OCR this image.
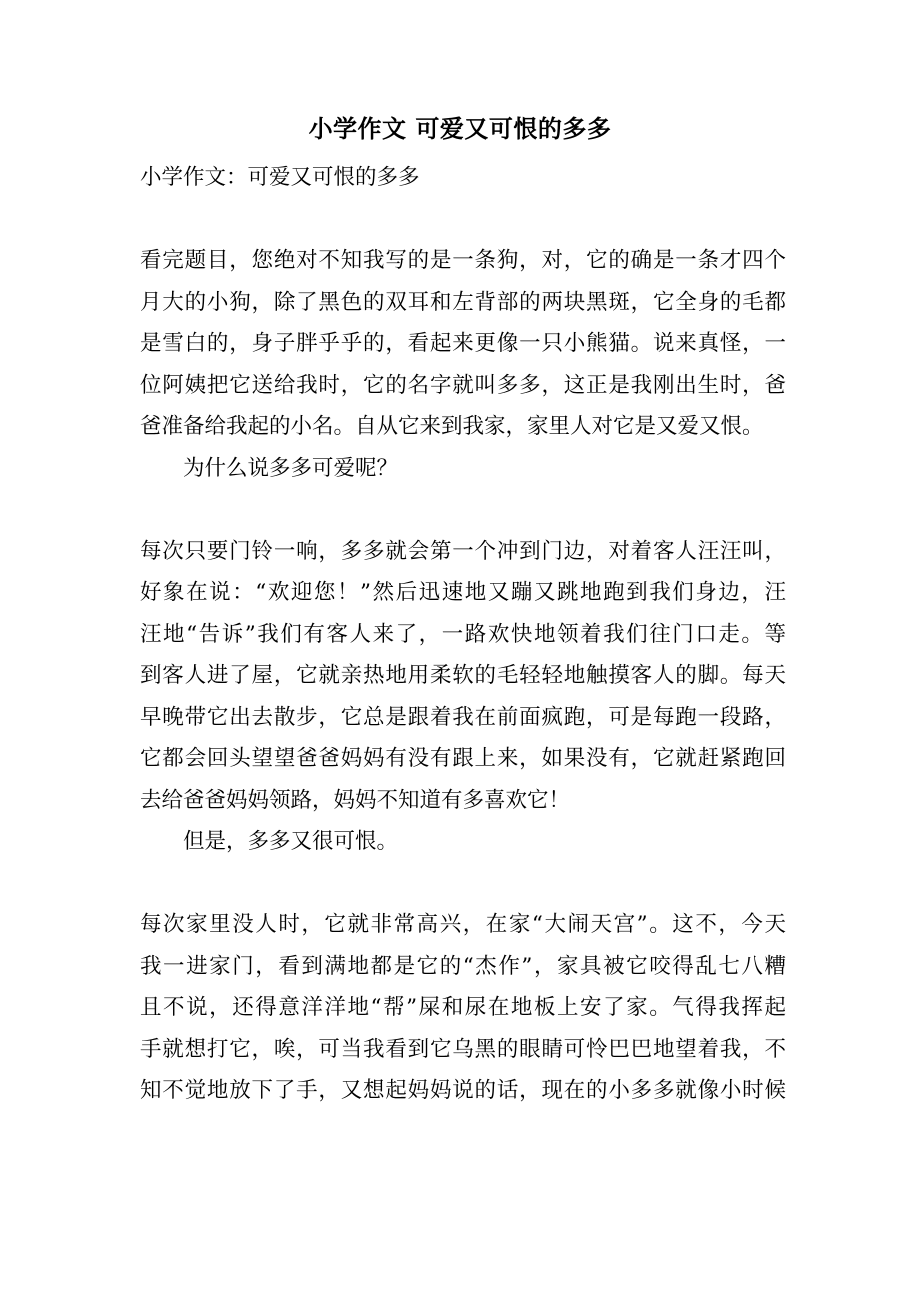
小学作文 可爱又可恨的多多
小学作文：可爱又可恨的多多
看完题目，您绝对不知我写的是一条狗，对，它的确是一条才四个
月大的小狗，除了黑色的双耳和左背部的两块黑斑，它全身的毛都
是雪白的，身子胖乎乎的，看起来更像一只小熊猫。说来真怪，一
位阿姨把它送给我时，它的名字就叫多多，这正是我刚出生时，爸
爸准备给我起的小名。自从它来到我家，家里人对它是又爱又恨。
为什么说多多可爱呢？
每次只要门铃一响，多多就会第一个冲到门边，对着客人汪汪叫，
好象在说：“欢迎您！”然后迅速地又蹦又跳地跑到我们身边，汪
汪地“告诉”我们有客人来了，一路欢快地领着我们往门口走。等
到客人进了屋，它就亲热地用柔软的毛轻轻地触摸客人的脚。每天
早晚带它出去散步，它总是跟着我在前面疯跑，可是每跑一段路，
它都会回头望望爸爸妈妈有没有跟上来，如果没有，它就赶紧跑回
去给爸爸妈妈领路，妈妈不知道有多喜欢它！
但是，多多又很可恨。
每次家里没人时，它就非常高兴，在家“大闹天宫”。这不，今天
我一进家门，看到满地都是它的“杰作”，家具被它咬得乱七八糟
且不说，还得意洋洋地“帮”屎和尿在地板上安了家。气得我挥起
手就想打它，唉，可当我看到它乌黑的眼睛可怜巴巴地望着我，不
知不觉地放下了手，又想起妈妈说的话，现在的小多多就像小时候
